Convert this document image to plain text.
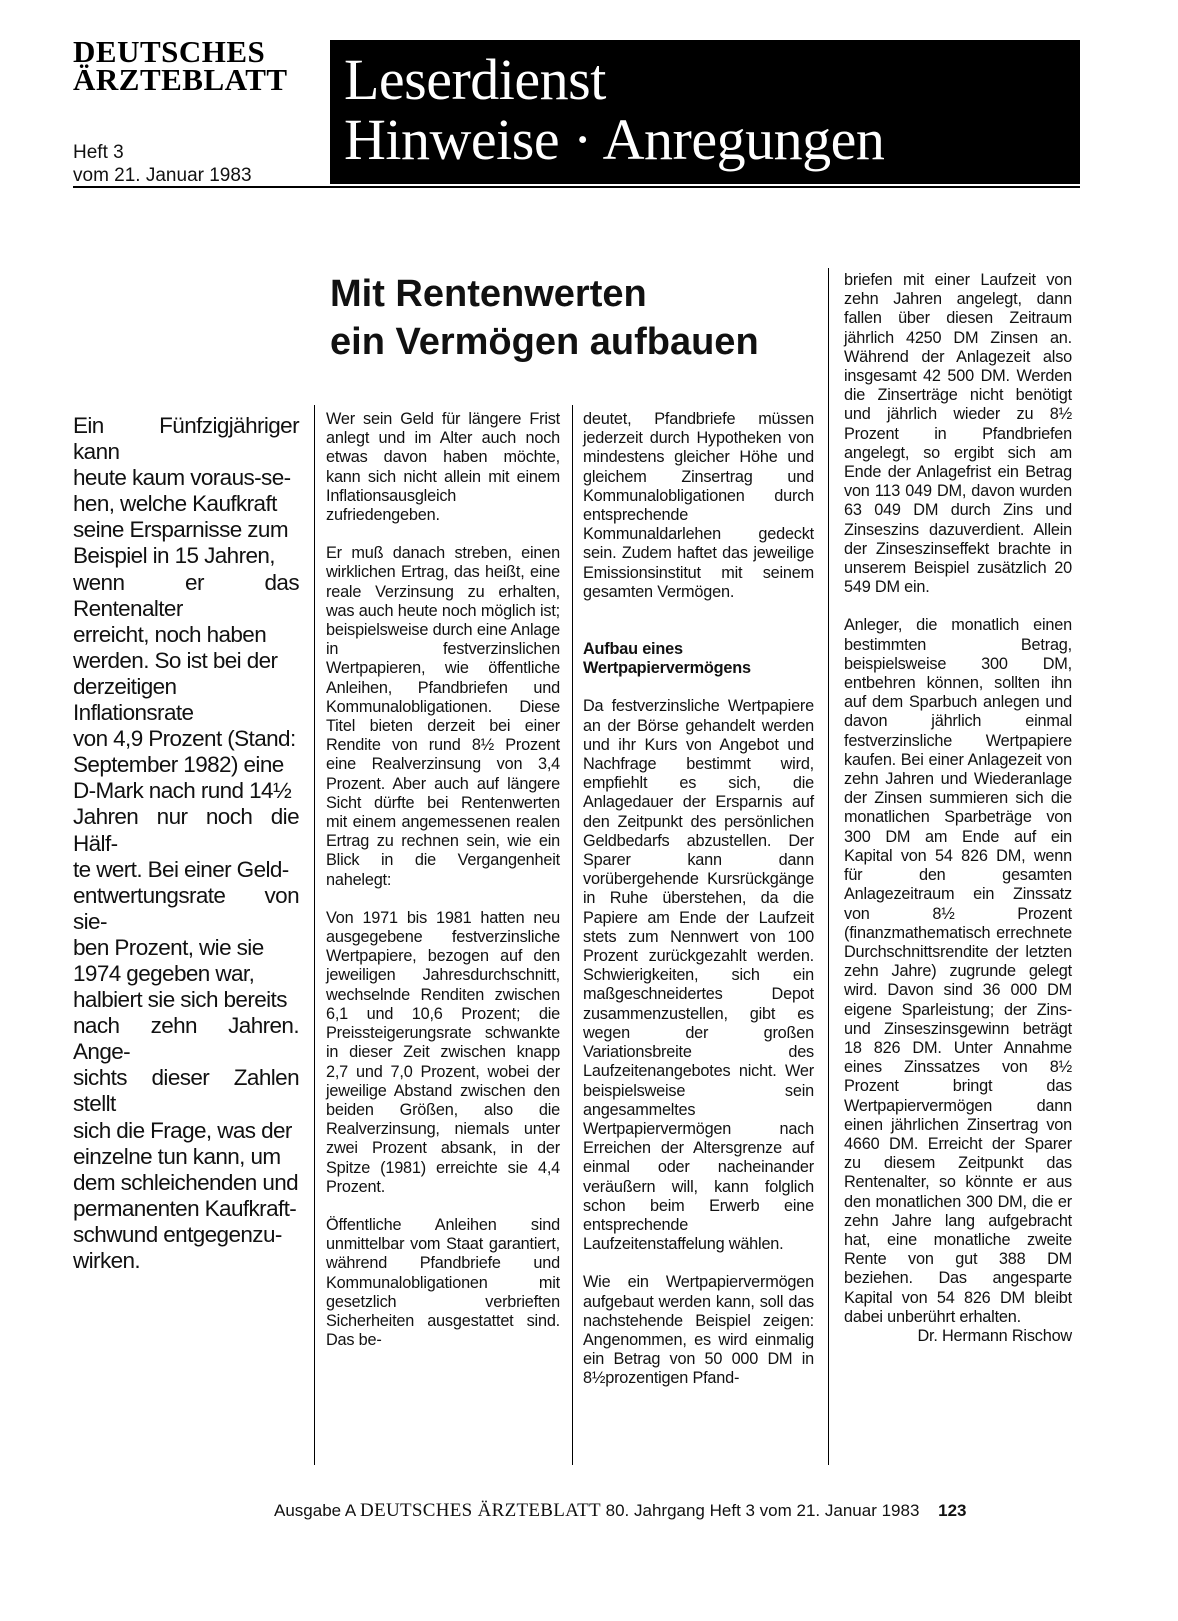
DEUTSCHES
ÄRZTEBLATT
Heft 3
vom 21. Januar 1983
Leserdienst
Hinweise · Anregungen
Mit Rentenwerten
ein Vermögen aufbauen
Ein Fünfzigjähriger kann
heute kaum voraus-se-
hen, welche Kaufkraft
seine Ersparnisse zum
Beispiel in 15 Jahren,
wenn er das Rentenalter
erreicht, noch haben
werden. So ist bei der
derzeitigen Inflationsrate
von 4,9 Prozent (Stand:
September 1982) eine
D-Mark nach rund 14½
Jahren nur noch die Hälf-
te wert. Bei einer Geld-
entwertungsrate von sie-
ben Prozent, wie sie
1974 gegeben war,
halbiert sie sich bereits
nach zehn Jahren. Ange-
sichts dieser Zahlen stellt
sich die Frage, was der
einzelne tun kann, um
dem schleichenden und
permanenten Kaufkraft-
schwund entgegenzu-
wirken.

Wer sein Geld für längere Frist anlegt und im Alter auch noch etwas davon haben möchte, kann sich nicht allein mit einem Inflationsausgleich zufriedengeben.

Er muß danach streben, einen wirklichen Ertrag, das heißt, eine reale Verzinsung zu erhalten, was auch heute noch möglich ist; beispielsweise durch eine Anlage in festverzinslichen Wertpapieren, wie öffentliche Anleihen, Pfandbriefen und Kommunalobligationen. Diese Titel bieten derzeit bei einer Rendite von rund 8½ Prozent eine Realverzinsung von 3,4 Prozent. Aber auch auf längere Sicht dürfte bei Rentenwerten mit einem angemessenen realen Ertrag zu rechnen sein, wie ein Blick in die Vergangenheit nahelegt:

Von 1971 bis 1981 hatten neu ausgegebene festverzinsliche Wertpapiere, bezogen auf den jeweiligen Jahresdurchschnitt, wechselnde Renditen zwischen 6,1 und 10,6 Prozent; die Preissteigerungsrate schwankte in dieser Zeit zwischen knapp 2,7 und 7,0 Prozent, wobei der jeweilige Abstand zwischen den beiden Größen, also die Realverzinsung, niemals unter zwei Prozent absank, in der Spitze (1981) erreichte sie 4,4 Prozent.

Öffentliche Anleihen sind unmittelbar vom Staat garantiert, während Pfandbriefe und Kommunalobligationen mit gesetzlich verbrieften Sicherheiten ausgestattet sind. Das be-

deutet, Pfandbriefe müssen jederzeit durch Hypotheken von mindestens gleicher Höhe und gleichem Zinsertrag und Kommunalobligationen durch entsprechende Kommunaldarlehen gedeckt sein. Zudem haftet das jeweilige Emissionsinstitut mit seinem gesamten Vermögen.

Aufbau eines
Wertpapiervermögens

Da festverzinsliche Wertpapiere an der Börse gehandelt werden und ihr Kurs von Angebot und Nachfrage bestimmt wird, empfiehlt es sich, die Anlagedauer der Ersparnis auf den Zeitpunkt des persönlichen Geldbedarfs abzustellen. Der Sparer kann dann vorübergehende Kursrückgänge in Ruhe überstehen, da die Papiere am Ende der Laufzeit stets zum Nennwert von 100 Prozent zurückgezahlt werden. Schwierigkeiten, sich ein maßgeschneidertes Depot zusammenzustellen, gibt es wegen der großen Variationsbreite des Laufzeitenangebotes nicht. Wer beispielsweise sein angesammeltes Wertpapiervermögen nach Erreichen der Altersgrenze auf einmal oder nacheinander veräußern will, kann folglich schon beim Erwerb eine entsprechende Laufzeitenstaffelung wählen.

Wie ein Wertpapiervermögen aufgebaut werden kann, soll das nachstehende Beispiel zeigen: Angenommen, es wird einmalig ein Betrag von 50 000 DM in 8½prozentigen Pfand-

briefen mit einer Laufzeit von zehn Jahren angelegt, dann fallen über diesen Zeitraum jährlich 4250 DM Zinsen an. Während der Anlagezeit also insgesamt 42 500 DM. Werden die Zinserträge nicht benötigt und jährlich wieder zu 8½ Prozent in Pfandbriefen angelegt, so ergibt sich am Ende der Anlagefrist ein Betrag von 113 049 DM, davon wurden 63 049 DM durch Zins und Zinseszins dazuverdient. Allein der Zinseszinseffekt brachte in unserem Beispiel zusätzlich 20 549 DM ein.

Anleger, die monatlich einen bestimmten Betrag, beispielsweise 300 DM, entbehren können, sollten ihn auf dem Sparbuch anlegen und davon jährlich einmal festverzinsliche Wertpapiere kaufen. Bei einer Anlagezeit von zehn Jahren und Wiederanlage der Zinsen summieren sich die monatlichen Sparbeträge von 300 DM am Ende auf ein Kapital von 54 826 DM, wenn für den gesamten Anlagezeitraum ein Zinssatz von 8½ Prozent (finanzmathematisch errechnete Durchschnittsrendite der letzten zehn Jahre) zugrunde gelegt wird. Davon sind 36 000 DM eigene Sparleistung; der Zins- und Zinseszinsgewinn beträgt 18 826 DM. Unter Annahme eines Zinssatzes von 8½ Prozent bringt das Wertpapiervermögen dann einen jährlichen Zinsertrag von 4660 DM. Erreicht der Sparer zu diesem Zeitpunkt das Rentenalter, so könnte er aus den monatlichen 300 DM, die er zehn Jahre lang aufgebracht hat, eine monatliche zweite Rente von gut 388 DM beziehen. Das angesparte Kapital von 54 826 DM bleibt dabei unberührt erhalten.

Dr. Hermann Rischow
Ausgabe A DEUTSCHES ÄRZTEBLATT 80. Jahrgang Heft 3 vom 21. Januar 1983 123
